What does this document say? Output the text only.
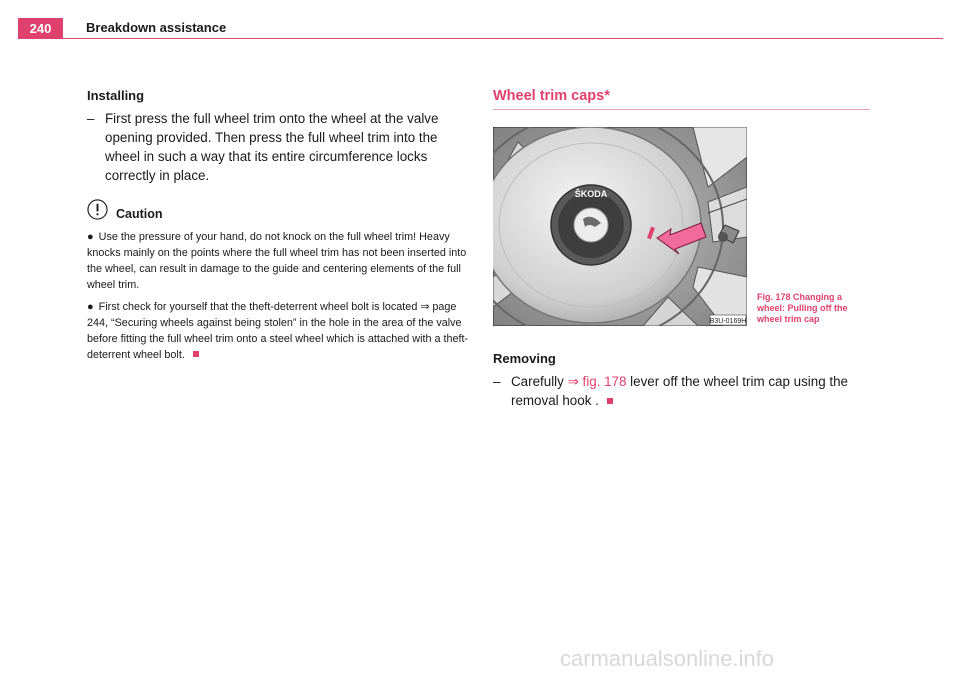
240	Breakdown assistance

Installing

– First press the full wheel trim onto the wheel at the valve opening provided. Then press the full wheel trim into the wheel in such a way that its entire circumference locks correctly in place.
Caution
● Use the pressure of your hand, do not knock on the full wheel trim! Heavy knocks mainly on the points where the full wheel trim has not been inserted into the wheel, can result in damage to the guide and centering elements of the full wheel trim.
● First check for yourself that the theft-deterrent wheel bolt is located ⇒ page 244, “Securing wheels against being stolen” in the hole in the area of the valve before fitting the full wheel trim onto a steel wheel which is attached with a theft-deterrent wheel bolt.

Wheel trim caps*

ŠKODA
B3U-0169H
Fig. 178 Changing a wheel: Pulling off the wheel trim cap

Removing

– Carefully ⇒ fig. 178 lever off the wheel trim cap using the removal hook .
carmanualsonline.info
